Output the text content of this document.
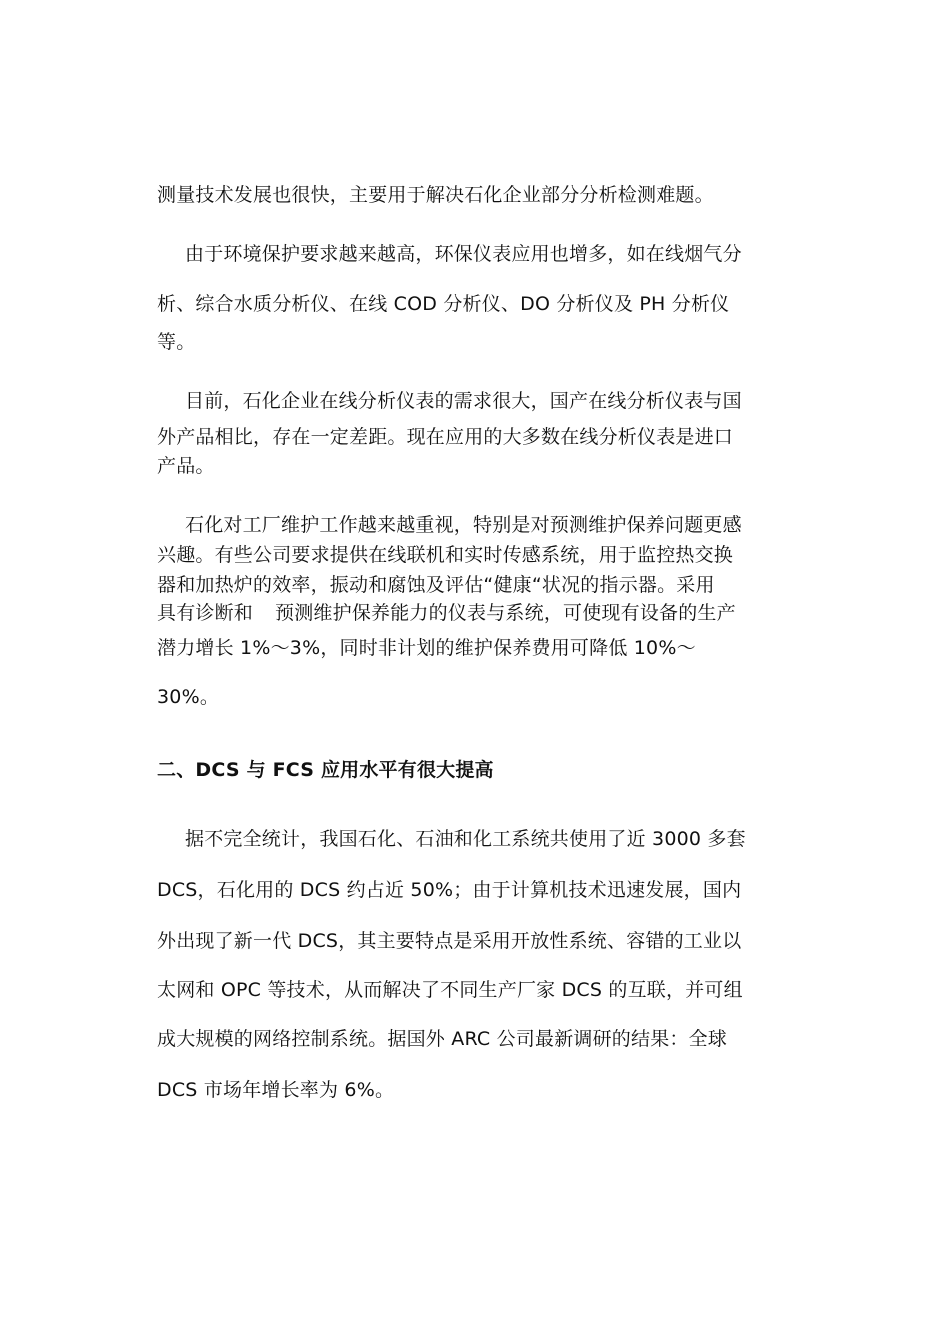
测量技术发展也很快，主要用于解决石化企业部分分析检测难题。
由于环境保护要求越来越高，环保仪表应用也增多，如在线烟气分
析、综合水质分析仪、在线 COD 分析仪、DO 分析仪及 PH 分析仪
等。
目前，石化企业在线分析仪表的需求很大，国产在线分析仪表与国
外产品相比，存在一定差距。现在应用的大多数在线分析仪表是进口
产品。
石化对工厂维护工作越来越重视，特别是对预测维护保养问题更感
兴趣。有些公司要求提供在线联机和实时传感系统，用于监控热交换
器和加热炉的效率，振动和腐蚀及评估“健康“状况的指示器。采用
具有诊断和 预测维护保养能力的仪表与系统，可使现有设备的生产
潜力增长 1%～3%，同时非计划的维护保养费用可降低 10%～
30%。
二、DCS 与 FCS 应用水平有很大提高
据不完全统计，我国石化、石油和化工系统共使用了近 3000 多套
DCS，石化用的 DCS 约占近 50%；由于计算机技术迅速发展，国内
外出现了新一代 DCS，其主要特点是采用开放性系统、容错的工业以
太网和 OPC 等技术，从而解决了不同生产厂家 DCS 的互联，并可组
成大规模的网络控制系统。据国外 ARC 公司最新调研的结果：全球
DCS 市场年增长率为 6%。
